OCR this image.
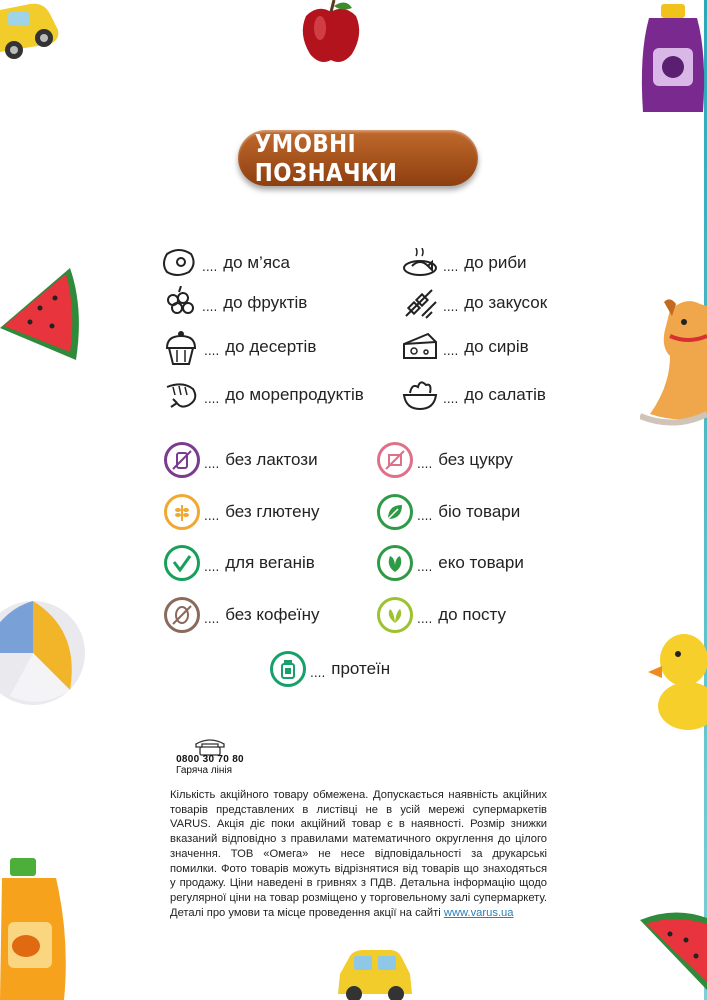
УМОВНІ ПОЗНАЧКИ
.... до м’яса	.... до риби
.... до фруктів	.... до закусок
.... до десертів	.... до сирів
.... до морепродуктів	.... до салатів
.... без лактози	.... без цукру
.... без глютену	.... біо товари
.... для веганів	.... еко товари
.... без кофеїну	.... до посту
.... протеїн
0800 30 70 80
Гаряча лінія
Кількість акційного товару обмежена. Допускається наявність акційних товарів представлених в листівці не в усій мережі супермаркетів VARUS. Акція діє поки акційний товар є в наявності. Розмір знижки вказаний відповідно з правилами математичного округлення до цілого значення. ТОВ «Омега» не несе відповідальності за друкарські помилки. Фото товарів можуть відрізнятися від товарів що знаходяться у продажу. Ціни наведені в гривнях з ПДВ. Детальна інформацію щодо регулярної ціни на товар розміщено у торговельному залі супермаркету. Деталі про умови та місце проведення акції на сайті www.varus.ua
